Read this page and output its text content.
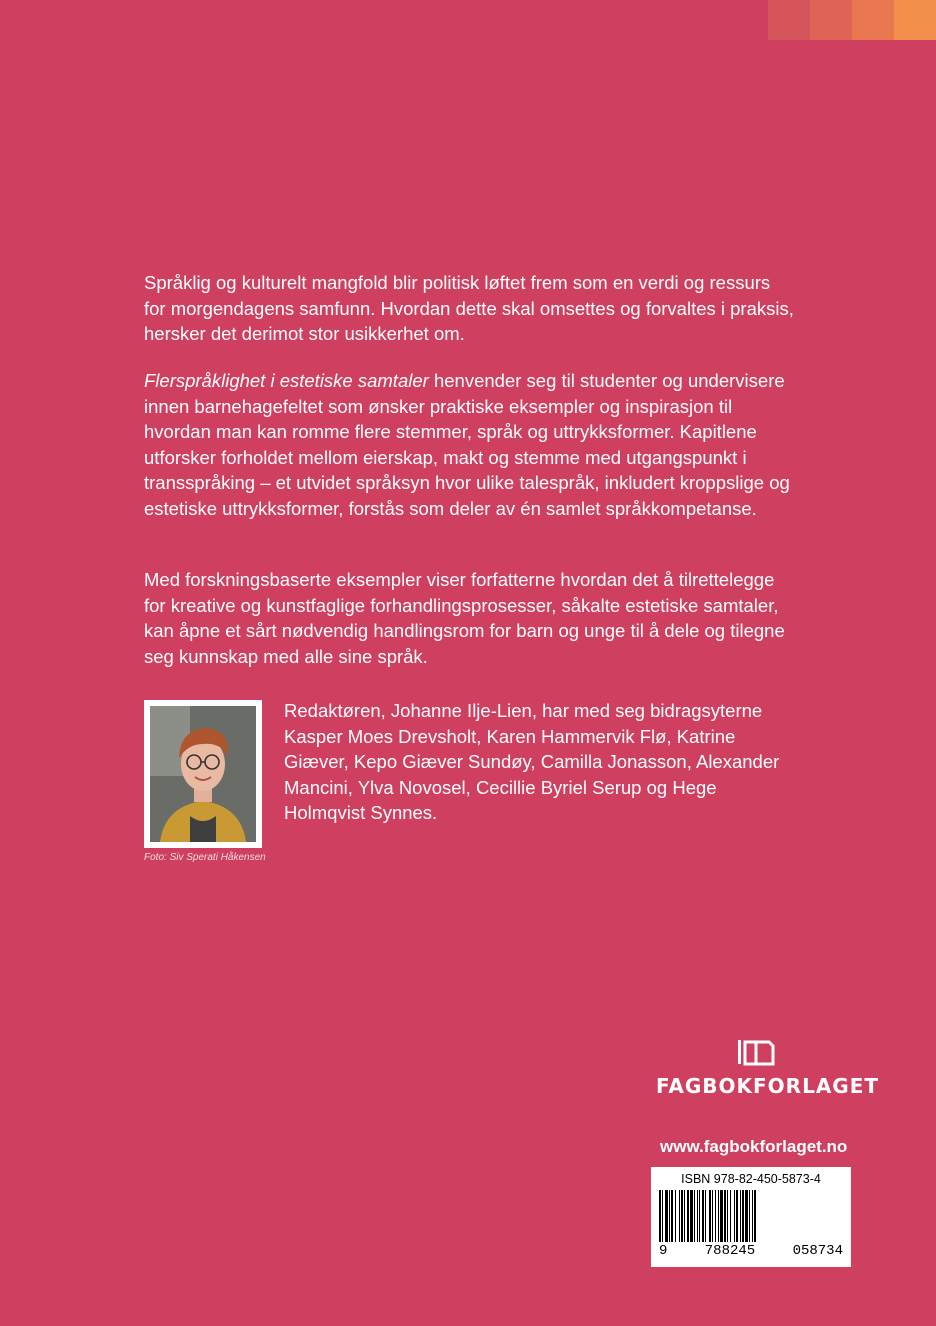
Språklig og kulturelt mangfold blir politisk løftet frem som en verdi og ressurs for morgendagens samfunn. Hvordan dette skal omsettes og forvaltes i praksis, hersker det derimot stor usikkerhet om.

Flerspråklighet i estetiske samtaler henvender seg til studenter og undervisere innen barnehagefeltet som ønsker praktiske eksempler og inspirasjon til hvordan man kan romme flere stemmer, språk og uttrykksformer. Kapitlene utforsker forholdet mellom eierskap, makt og stemme med utgangspunkt i transspråking – et utvidet språksyn hvor ulike talespråk, inkludert kroppslige og estetiske uttrykksformer, forstås som deler av én samlet språkkompetanse.

Med forskningsbaserte eksempler viser forfatterne hvordan det å tilrettelegge for kreative og kunstfaglige forhandlingsprosesser, såkalte estetiske samtaler, kan åpne et sårt nødvendig handlingsrom for barn og unge til å dele og tilegne seg kunnskap med alle sine språk.

Redaktøren, Johanne Ilje-Lien, har med seg bidragsyterne Kasper Moes Drevsholt, Karen Hammervik Flø, Katrine Giæver, Kepo Giæver Sundøy, Camilla Jonasson, Alexander Mancini, Ylva Novosel, Cecillie Byriel Serup og Hege Holmqvist Synnes.

Foto: Siv Sperati Håkensen
FAGBOKFORLAGET
www.fagbokforlaget.no
ISBN 978-82-450-5873-4
9	788245	058734
